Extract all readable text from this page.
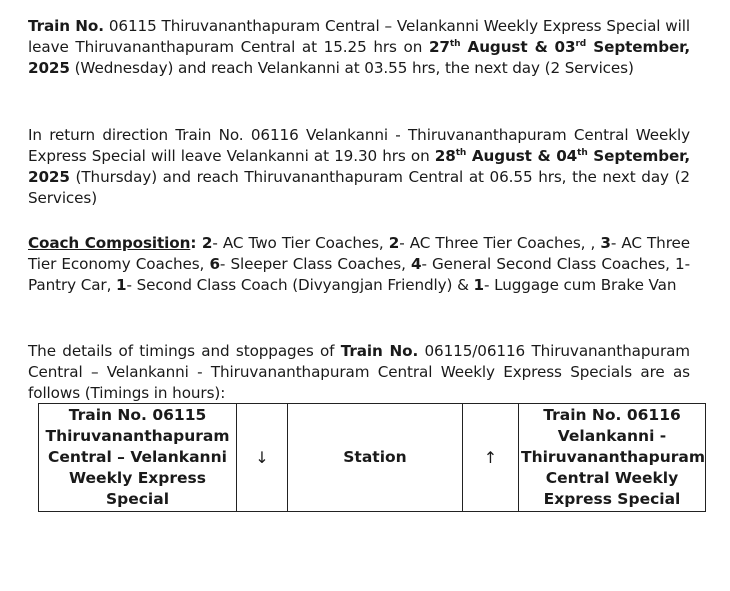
Train No. 06115 Thiruvananthapuram Central – Velankanni Weekly Express Special will leave Thiruvananthapuram Central at 15.25 hrs on 27th August & 03rd September, 2025 (Wednesday) and reach Velankanni at 03.55 hrs, the next day (2 Services)
In return direction Train No. 06116 Velankanni - Thiruvananthapuram Central Weekly Express Special will leave Velankanni at 19.30 hrs on 28th August & 04th September, 2025 (Thursday) and reach Thiruvananthapuram Central at 06.55 hrs, the next day (2 Services)
Coach Composition: 2- AC Two Tier Coaches, 2- AC Three Tier Coaches, , 3- AC Three Tier Economy Coaches, 6- Sleeper Class Coaches, 4- General Second Class Coaches, 1- Pantry Car, 1- Second Class Coach (Divyangjan Friendly) & 1- Luggage cum Brake Van
The details of timings and stoppages of Train No. 06115/06116 Thiruvananthapuram Central – Velankanni - Thiruvananthapuram Central Weekly Express Specials are as follows (Timings in hours):
Train No. 06115 Thiruvananthapuram Central – Velankanni Weekly Express Special	↓	Station	↑	Train No. 06116 Velankanni - Thiruvananthapuram Central Weekly Express Special
